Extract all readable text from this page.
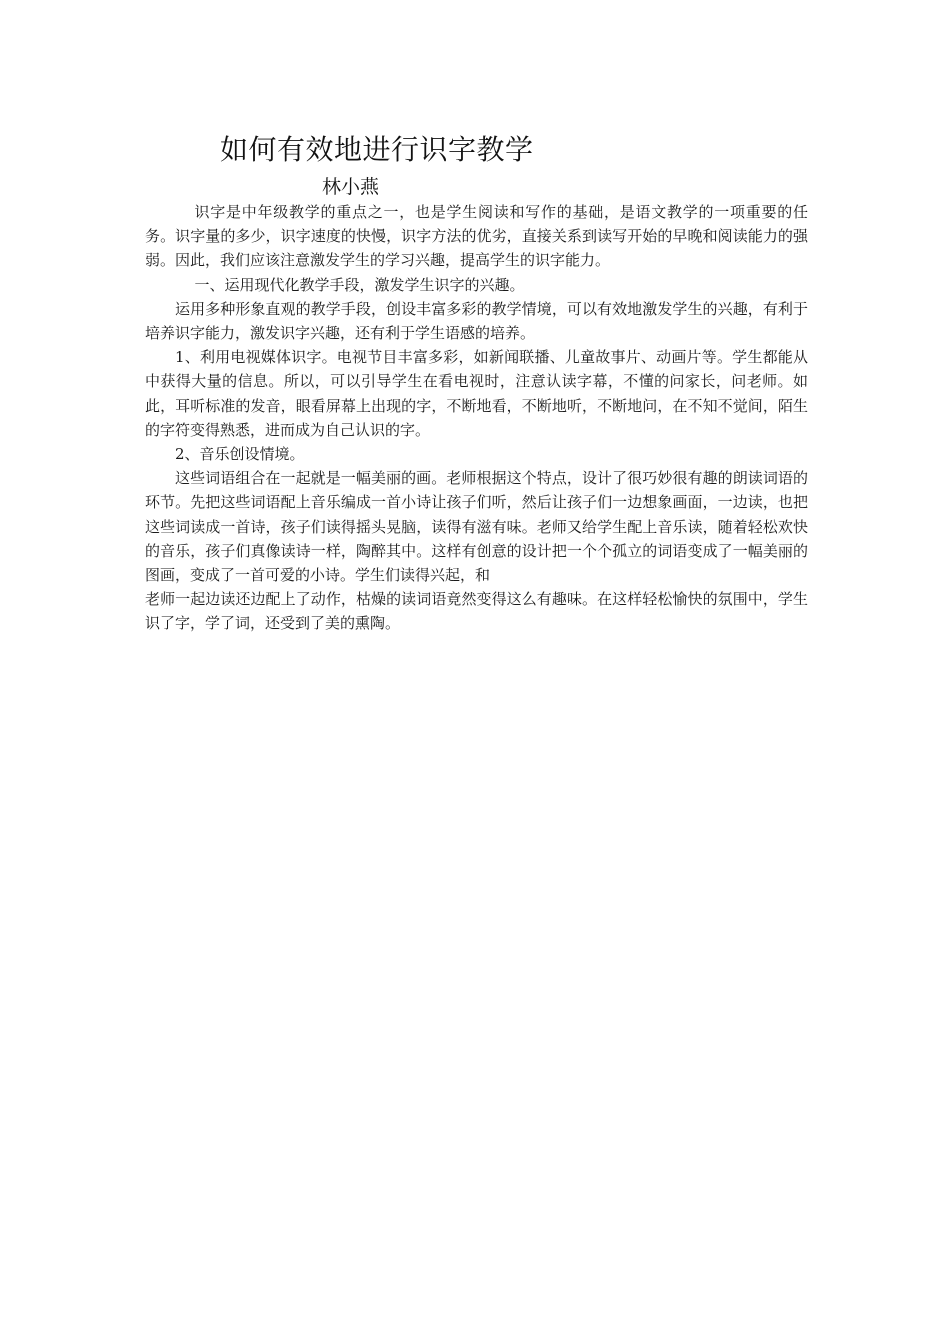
如何有效地进行识字教学
林小燕

识字是中年级教学的重点之一，也是学生阅读和写作的基础，是语文教学的一项重要的任务。识字量的多少，识字速度的快慢，识字方法的优劣，直接关系到读写开始的早晚和阅读能力的强弱。因此，我们应该注意激发学生的学习兴趣，提高学生的识字能力。

一、运用现代化教学手段，激发学生识字的兴趣。

运用多种形象直观的教学手段，创设丰富多彩的教学情境，可以有效地激发学生的兴趣，有利于培养识字能力，激发识字兴趣，还有利于学生语感的培养。

1、利用电视媒体识字。电视节目丰富多彩，如新闻联播、儿童故事片、动画片等。学生都能从中获得大量的信息。所以，可以引导学生在看电视时，注意认读字幕，不懂的问家长，问老师。如此，耳听标准的发音，眼看屏幕上出现的字，不断地看，不断地听，不断地问，在不知不觉间，陌生的字符变得熟悉，进而成为自己认识的字。

2、音乐创设情境。

这些词语组合在一起就是一幅美丽的画。老师根据这个特点，设计了很巧妙很有趣的朗读词语的环节。先把这些词语配上音乐编成一首小诗让孩子们听，然后让孩子们一边想象画面，一边读，也把这些词读成一首诗，孩子们读得摇头晃脑，读得有滋有味。老师又给学生配上音乐读，随着轻松欢快的音乐，孩子们真像读诗一样，陶醉其中。这样有创意的设计把一个个孤立的词语变成了一幅美丽的图画，变成了一首可爱的小诗。学生们读得兴起，和

老师一起边读还边配上了动作，枯燥的读词语竟然变得这么有趣味。在这样轻松愉快的氛围中，学生识了字，学了词，还受到了美的熏陶。
